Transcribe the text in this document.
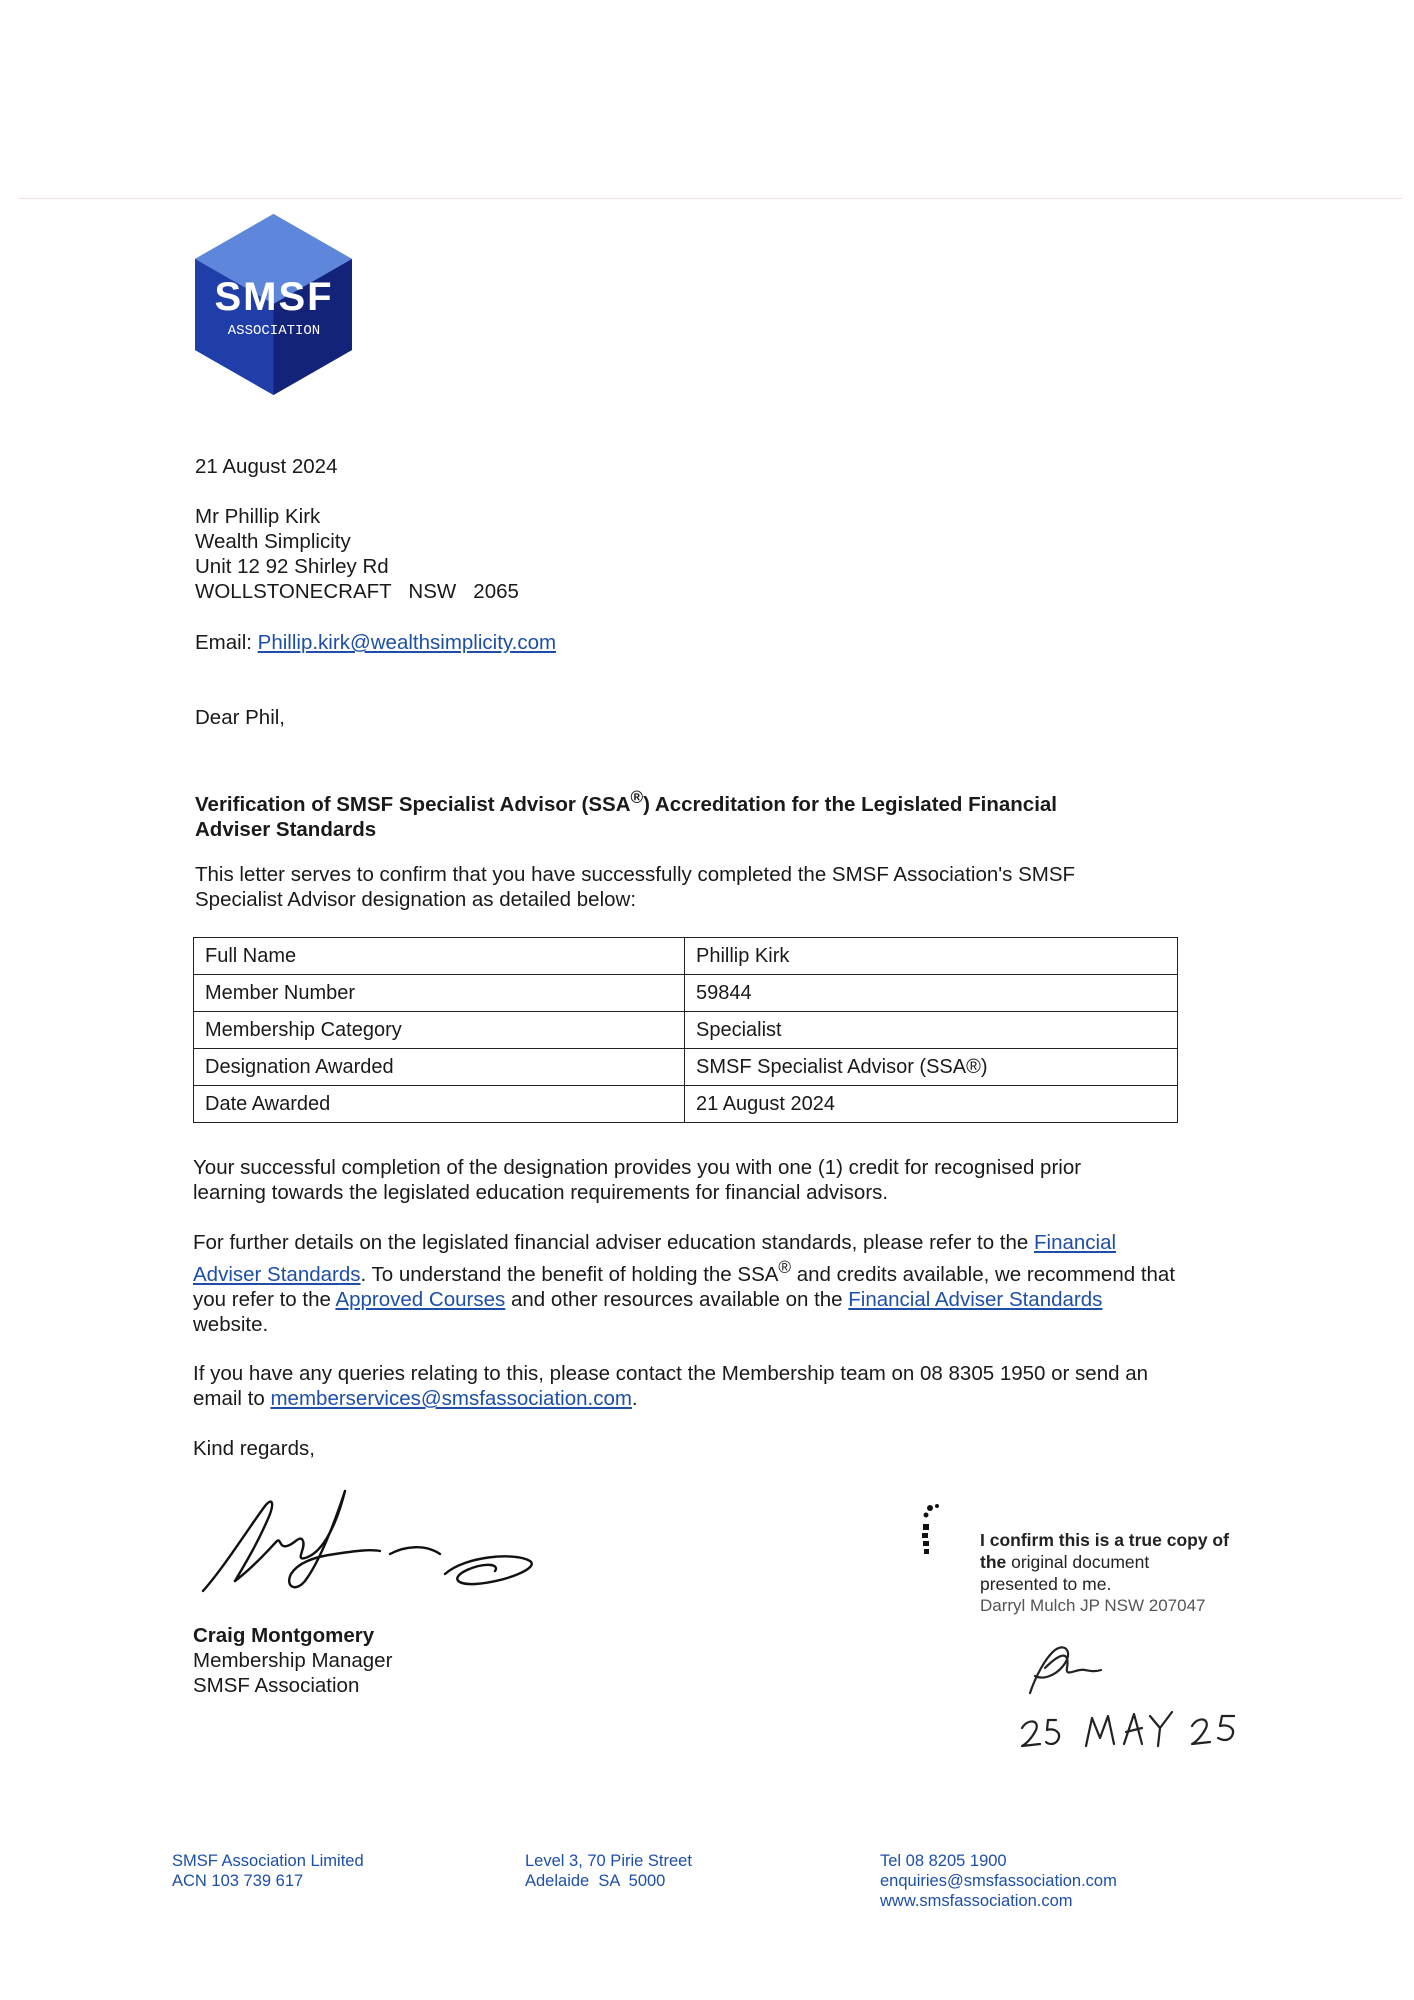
SMSF
ASSOCIATION
21 August 2024
Mr Phillip Kirk
Wealth Simplicity
Unit 12 92 Shirley Rd
WOLLSTONECRAFT   NSW   2065
Email: Phillip.kirk@wealthsimplicity.com
Dear Phil,
Verification of SMSF Specialist Advisor (SSA®) Accreditation for the Legislated Financial Adviser Standards
This letter serves to confirm that you have successfully completed the SMSF Association's SMSF Specialist Advisor designation as detailed below:
Full Name	Phillip Kirk
Member Number	59844
Membership Category	Specialist
Designation Awarded	SMSF Specialist Advisor (SSA®)
Date Awarded	21 August 2024
Your successful completion of the designation provides you with one (1) credit for recognised prior learning towards the legislated education requirements for financial advisors.
For further details on the legislated financial adviser education standards, please refer to the Financial Adviser Standards. To understand the benefit of holding the SSA® and credits available, we recommend that you refer to the Approved Courses and other resources available on the Financial Adviser Standards website.
If you have any queries relating to this, please contact the Membership team on 08 8305 1950 or send an email to memberservices@smsfassociation.com.
Kind regards,
Craig Montgomery
Membership Manager
SMSF Association
I confirm this is a true copy of
the original document
presented to me.
Darryl Mulch JP NSW 207047
SMSF Association Limited
ACN 103 739 617
Level 3, 70 Pirie Street
Adelaide  SA  5000
Tel 08 8205 1900
enquiries@smsfassociation.com
www.smsfassociation.com
